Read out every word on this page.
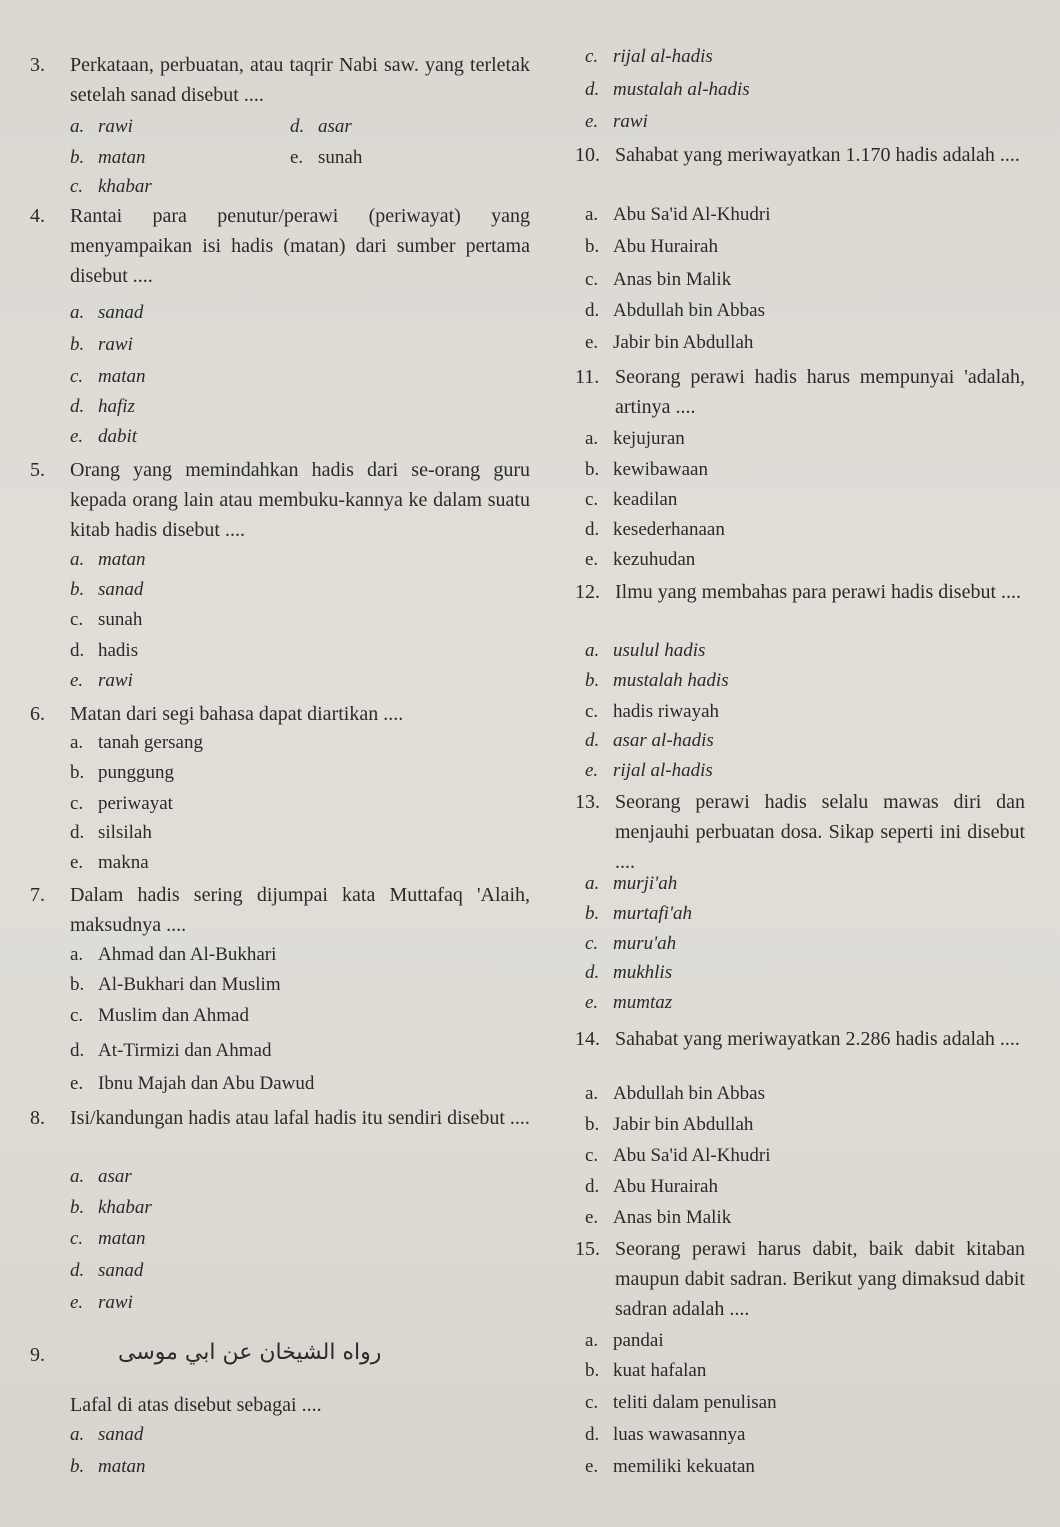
3. Perkataan, perbuatan, atau taqrir Nabi saw. yang terletak setelah sanad disebut ....
a. rawi
b. matan
c. khabar
d. asar
e. sunah
4. Rantai para penutur/perawi (periwayat) yang menyampaikan isi hadis (matan) dari sumber pertama disebut ....
a. sanad
b. rawi
c. matan
d. hafiz
e. dabit
5. Orang yang memindahkan hadis dari se-orang guru kepada orang lain atau membuku-kannya ke dalam suatu kitab hadis disebut ....
a. matan
b. sanad
c. sunah
d. hadis
e. rawi
6. Matan dari segi bahasa dapat diartikan ....
a. tanah gersang
b. punggung
c. periwayat
d. silsilah
e. makna
7. Dalam hadis sering dijumpai kata Muttafaq 'Alaih, maksudnya ....
a. Ahmad dan Al-Bukhari
b. Al-Bukhari dan Muslim
c. Muslim dan Ahmad
d. At-Tirmizi dan Ahmad
e. Ibnu Majah dan Abu Dawud
8. Isi/kandungan hadis atau lafal hadis itu sendiri disebut ....
a. asar
b. khabar
c. matan
d. sanad
e. rawi
9.
Lafal di atas disebut sebagai ....
a. sanad
b. matan
رواه الشيخان عن ابي موسى
c. rijal al-hadis
d. mustalah al-hadis
e. rawi
10. Sahabat yang meriwayatkan 1.170 hadis adalah ....
a. Abu Sa'id Al-Khudri
b. Abu Hurairah
c. Anas bin Malik
d. Abdullah bin Abbas
e. Jabir bin Abdullah
11. Seorang perawi hadis harus mempunyai 'adalah, artinya ....
a. kejujuran
b. kewibawaan
c. keadilan
d. kesederhanaan
e. kezuhudan
12. Ilmu yang membahas para perawi hadis disebut ....
a. usulul hadis
b. mustalah hadis
c. hadis riwayah
d. asar al-hadis
e. rijal al-hadis
13. Seorang perawi hadis selalu mawas diri dan menjauhi perbuatan dosa. Sikap seperti ini disebut ....
a. murji'ah
b. murtafi'ah
c. muru'ah
d. mukhlis
e. mumtaz
14. Sahabat yang meriwayatkan 2.286 hadis adalah ....
a. Abdullah bin Abbas
b. Jabir bin Abdullah
c. Abu Sa'id Al-Khudri
d. Abu Hurairah
e. Anas bin Malik
15. Seorang perawi harus dabit, baik dabit kitaban maupun dabit sadran. Berikut yang dimaksud dabit sadran adalah ....
a. pandai
b. kuat hafalan
c. teliti dalam penulisan
d. luas wawasannya
e. memiliki kekuatan
